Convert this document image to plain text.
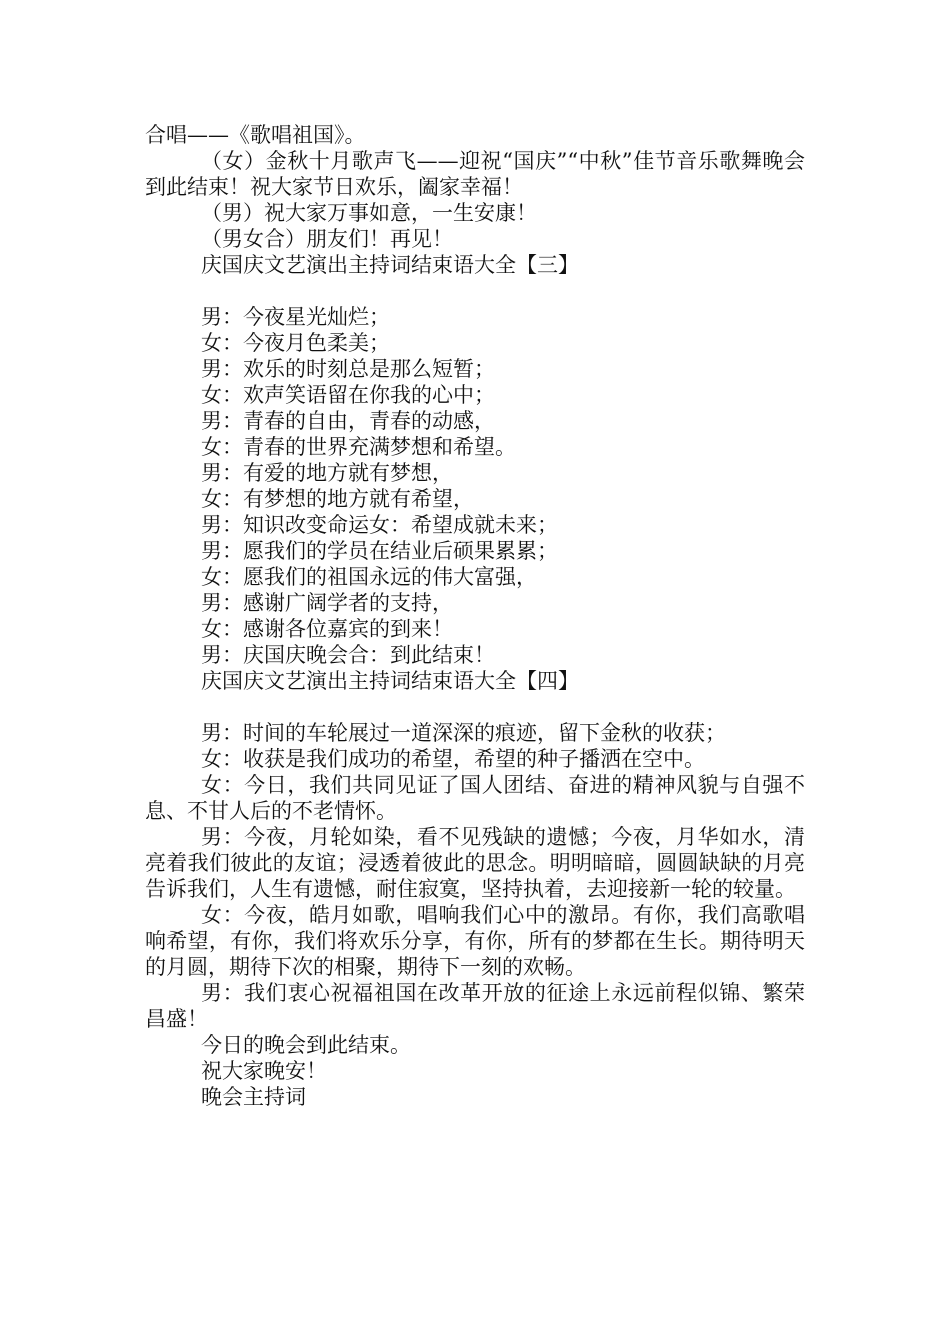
合唱——《歌唱祖国》。

（女）金秋十月歌声飞——迎祝“国庆”“中秋”佳节音乐歌舞晚会到此结束！祝大家节日欢乐，阖家幸福！

（男）祝大家万事如意，一生安康！

（男女合）朋友们！再见！

庆国庆文艺演出主持词结束语大全【三】

男：今夜星光灿烂；

女：今夜月色柔美；

男：欢乐的时刻总是那么短暂；

女：欢声笑语留在你我的心中；

男：青春的自由，青春的动感，

女：青春的世界充满梦想和希望。

男：有爱的地方就有梦想，

女：有梦想的地方就有希望，

男：知识改变命运女：希望成就未来；

男：愿我们的学员在结业后硕果累累；

女：愿我们的祖国永远的伟大富强，

男：感谢广阔学者的支持，

女：感谢各位嘉宾的到来！

男：庆国庆晚会合：到此结束！

庆国庆文艺演出主持词结束语大全【四】

男：时间的车轮展过一道深深的痕迹，留下金秋的收获；

女：收获是我们成功的希望，希望的种子播洒在空中。

女：今日，我们共同见证了国人团结、奋进的精神风貌与自强不息、不甘人后的不老情怀。

男：今夜，月轮如染，看不见残缺的遗憾；今夜，月华如水，清亮着我们彼此的友谊；浸透着彼此的思念。明明暗暗，圆圆缺缺的月亮告诉我们，人生有遗憾，耐住寂寞，坚持执着，去迎接新一轮的较量。

女：今夜，皓月如歌，唱响我们心中的激昂。有你，我们高歌唱响希望，有你，我们将欢乐分享，有你，所有的梦都在生长。期待明天的月圆，期待下次的相聚，期待下一刻的欢畅。

男：我们衷心祝福祖国在改革开放的征途上永远前程似锦、繁荣昌盛！

今日的晚会到此结束。

祝大家晚安！

晚会主持词
